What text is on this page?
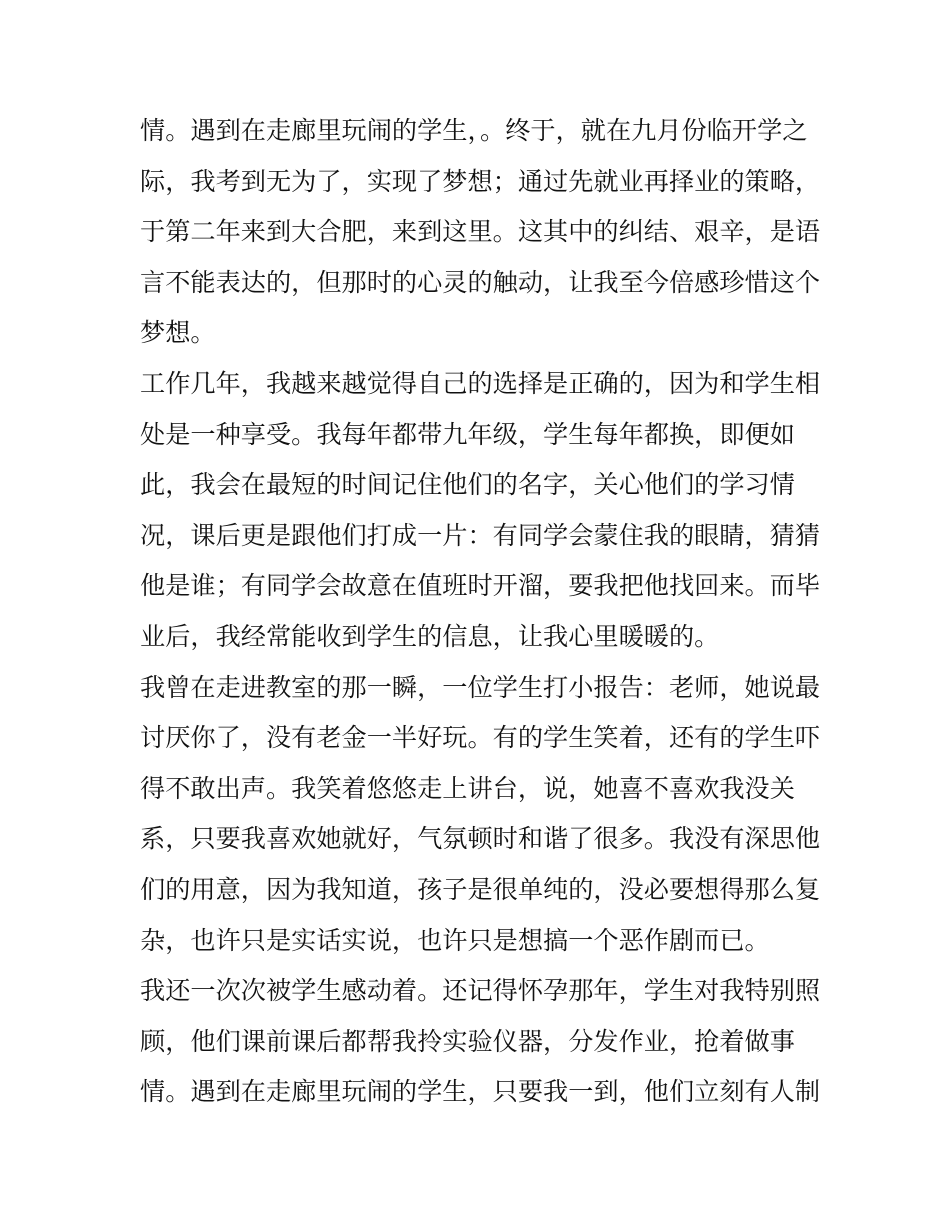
情。遇到在走廊里玩闹的学生，。终于，就在九月份临开学之
际，我考到无为了，实现了梦想；通过先就业再择业的策略，
于第二年来到大合肥，来到这里。这其中的纠结、艰辛，是语
言不能表达的，但那时的心灵的触动，让我至今倍感珍惜这个
梦想。
工作几年，我越来越觉得自己的选择是正确的，因为和学生相
处是一种享受。我每年都带九年级，学生每年都换，即便如
此，我会在最短的时间记住他们的名字，关心他们的学习情
况，课后更是跟他们打成一片：有同学会蒙住我的眼睛，猜猜
他是谁；有同学会故意在值班时开溜，要我把他找回来。而毕
业后，我经常能收到学生的信息，让我心里暖暖的。
我曾在走进教室的那一瞬，一位学生打小报告：老师，她说最
讨厌你了，没有老金一半好玩。有的学生笑着，还有的学生吓
得不敢出声。我笑着悠悠走上讲台，说，她喜不喜欢我没关
系，只要我喜欢她就好，气氛顿时和谐了很多。我没有深思他
们的用意，因为我知道，孩子是很单纯的，没必要想得那么复
杂，也许只是实话实说，也许只是想搞一个恶作剧而已。
我还一次次被学生感动着。还记得怀孕那年，学生对我特别照
顾，他们课前课后都帮我拎实验仪器，分发作业，抢着做事
情。遇到在走廊里玩闹的学生，只要我一到，他们立刻有人制
